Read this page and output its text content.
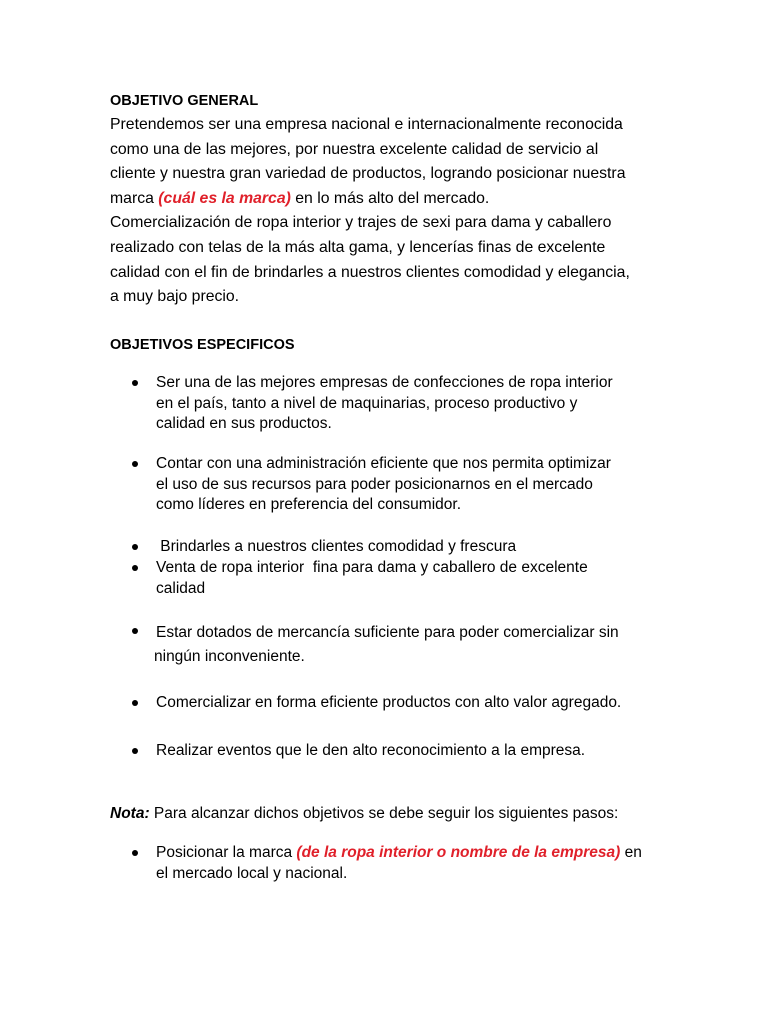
OBJETIVO GENERAL

Pretendemos ser una empresa nacional e internacionalmente reconocida
como una de las mejores, por nuestra excelente calidad de servicio al
cliente y nuestra gran variedad de productos, logrando posicionar nuestra
marca (cuál es la marca) en lo más alto del mercado.
Comercialización de ropa interior y trajes de sexi para dama y caballero
realizado con telas de la más alta gama, y lencerías finas de excelente
calidad con el fin de brindarles a nuestros clientes comodidad y elegancia,
a muy bajo precio.

OBJETIVOS ESPECIFICOS

Ser una de las mejores empresas de confecciones de ropa interior
en el país, tanto a nivel de maquinarias, proceso productivo y
calidad en sus productos.
Contar con una administración eficiente que nos permita optimizar
el uso de sus recursos para poder posicionarnos en el mercado
como líderes en preferencia del consumidor.
Brindarles a nuestros clientes comodidad y frescura
Venta de ropa interior  fina para dama y caballero de excelente
calidad
Estar dotados de mercancía suficiente para poder comercializar sin
ningún inconveniente.
Comercializar en forma eficiente productos con alto valor agregado.
Realizar eventos que le den alto reconocimiento a la empresa.

Nota: Para alcanzar dichos objetivos se debe seguir los siguientes pasos:

Posicionar la marca (de la ropa interior o nombre de la empresa) en
el mercado local y nacional.
